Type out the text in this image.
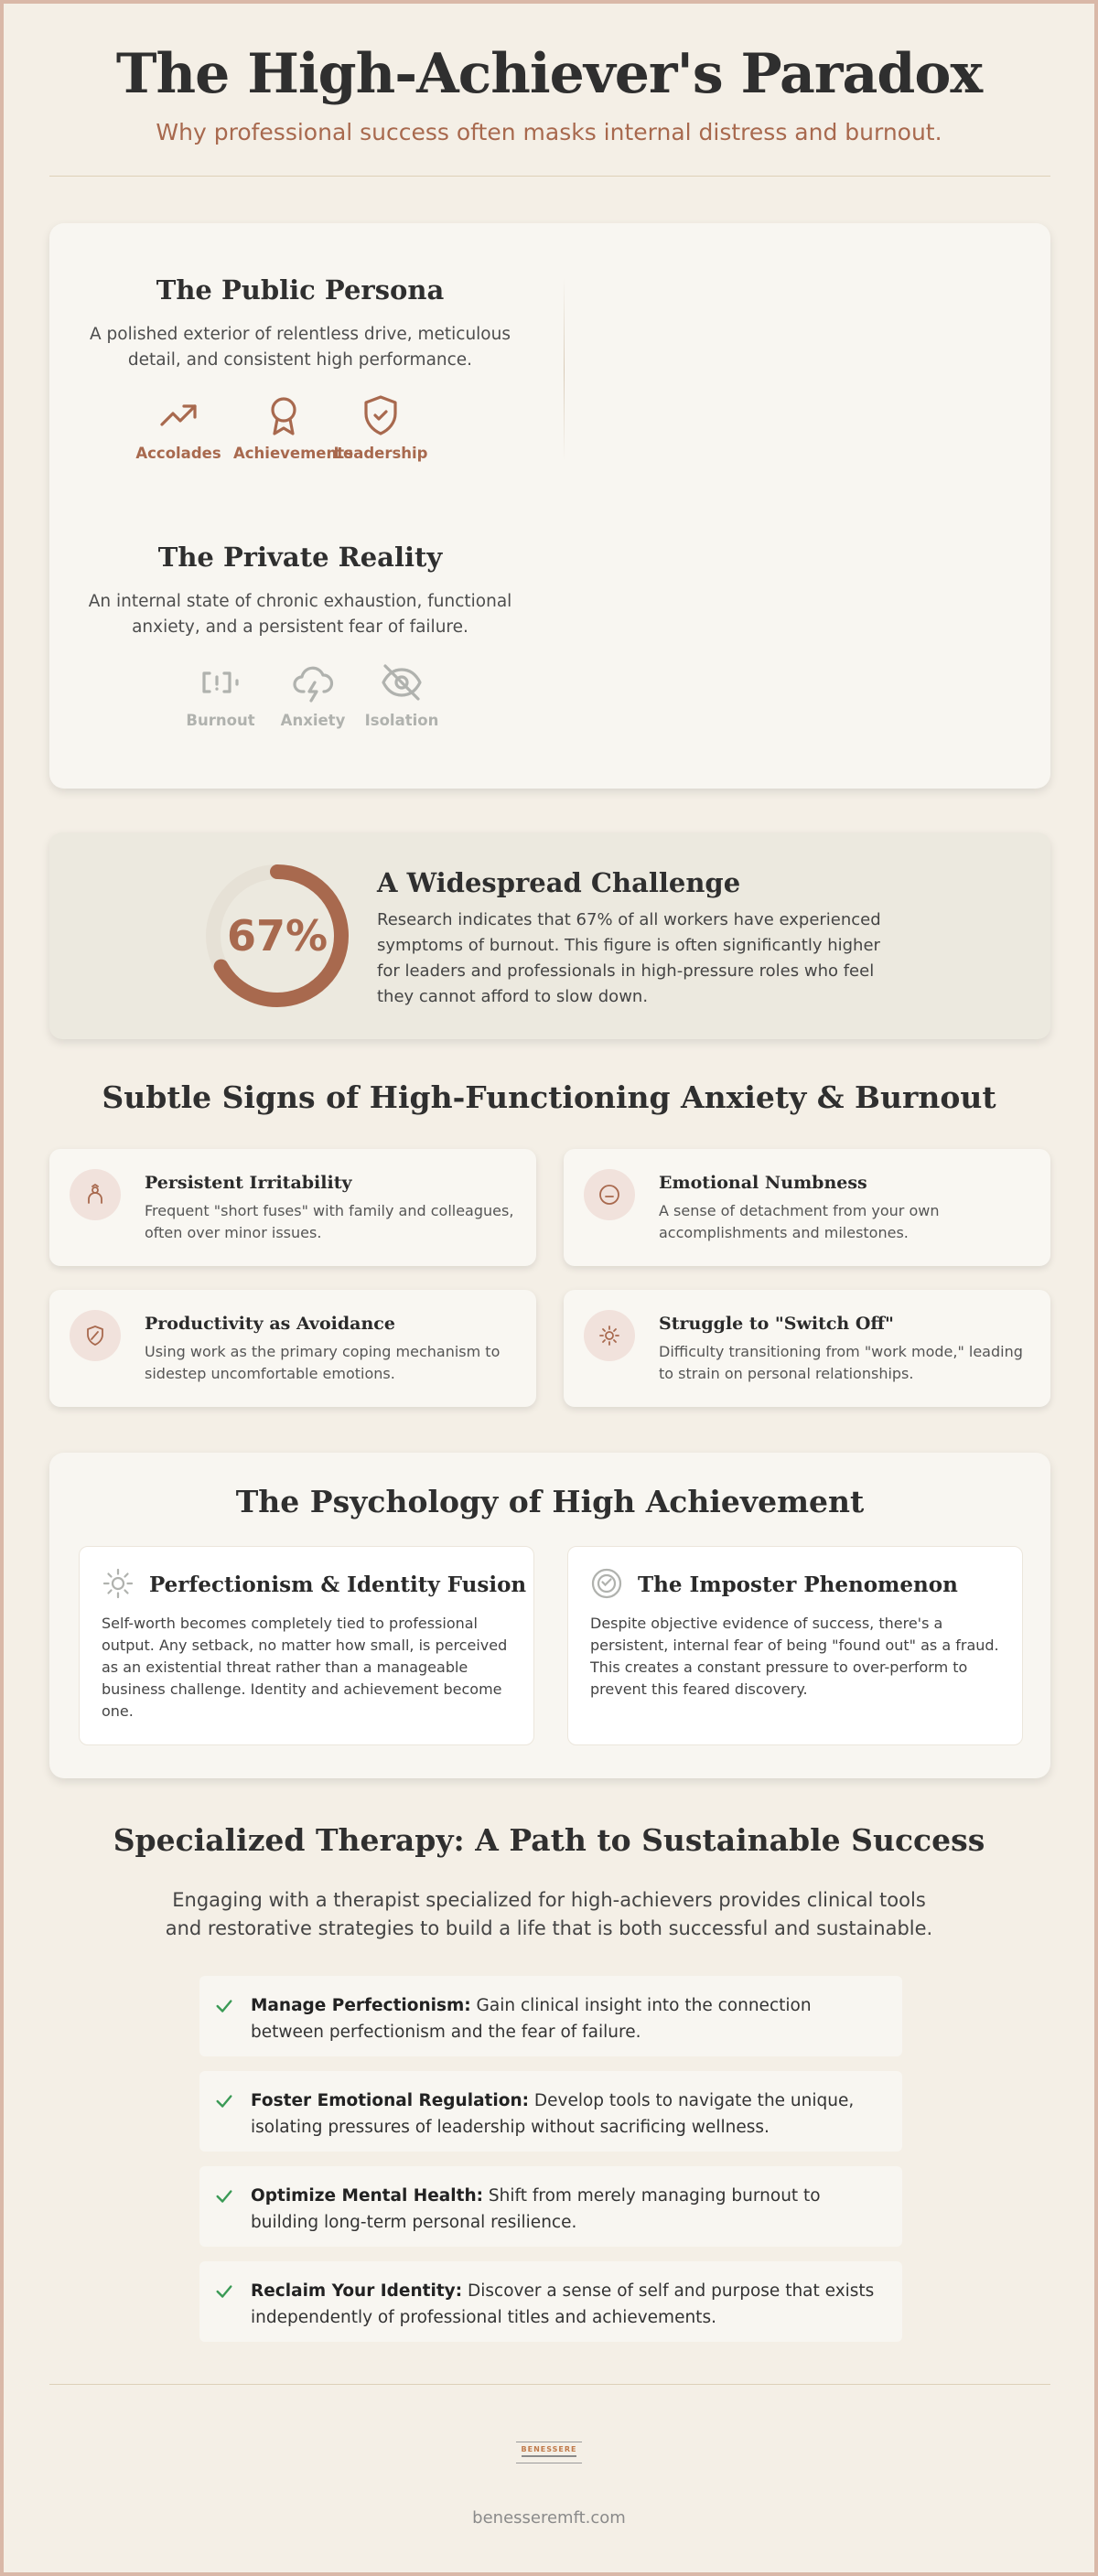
The High-Achiever's Paradox
Why professional success often masks internal distress and burnout.
The Public Persona
A polished exterior of relentless drive, meticulous detail, and consistent high performance.
Accolades Achievements
Leadership
The Private Reality
An internal state of chronic exhaustion, functional anxiety, and a persistent fear of failure.
Burnout	Anxiety	Isolation
67%
A Widespread Challenge
Research indicates that 67% of all workers have experienced symptoms of burnout. This figure is often significantly higher for leaders and professionals in high-pressure roles who feel they cannot afford to slow down.
Subtle Signs of High-Functioning Anxiety & Burnout
Persistent Irritability
Frequent "short fuses" with family and colleagues, often over minor issues.
Emotional Numbness
A sense of detachment from your own accomplishments and milestones.
Productivity as Avoidance
Using work as the primary coping mechanism to sidestep uncomfortable emotions.
Struggle to "Switch Off"
Difficulty transitioning from "work mode," leading to strain on personal relationships.
The Psychology of High Achievement
Perfectionism & Identity Fusion
Self-worth becomes completely tied to professional output. Any setback, no matter how small, is perceived as an existential threat rather than a manageable business challenge. Identity and achievement become one.
The Imposter Phenomenon
Despite objective evidence of success, there's a persistent, internal fear of being "found out" as a fraud. This creates a constant pressure to over-perform to prevent this feared discovery.
Specialized Therapy: A Path to Sustainable Success
Engaging with a therapist specialized for high-achievers provides clinical tools and restorative strategies to build a life that is both successful and sustainable.
Manage Perfectionism: Gain clinical insight into the connection between perfectionism and the fear of failure.
Foster Emotional Regulation: Develop tools to navigate the unique, isolating pressures of leadership without sacrificing wellness.
Optimize Mental Health: Shift from merely managing burnout to building long-term personal resilience.
Reclaim Your Identity: Discover a sense of self and purpose that exists independently of professional titles and achievements.
BENESSERE
benesseremft.com
